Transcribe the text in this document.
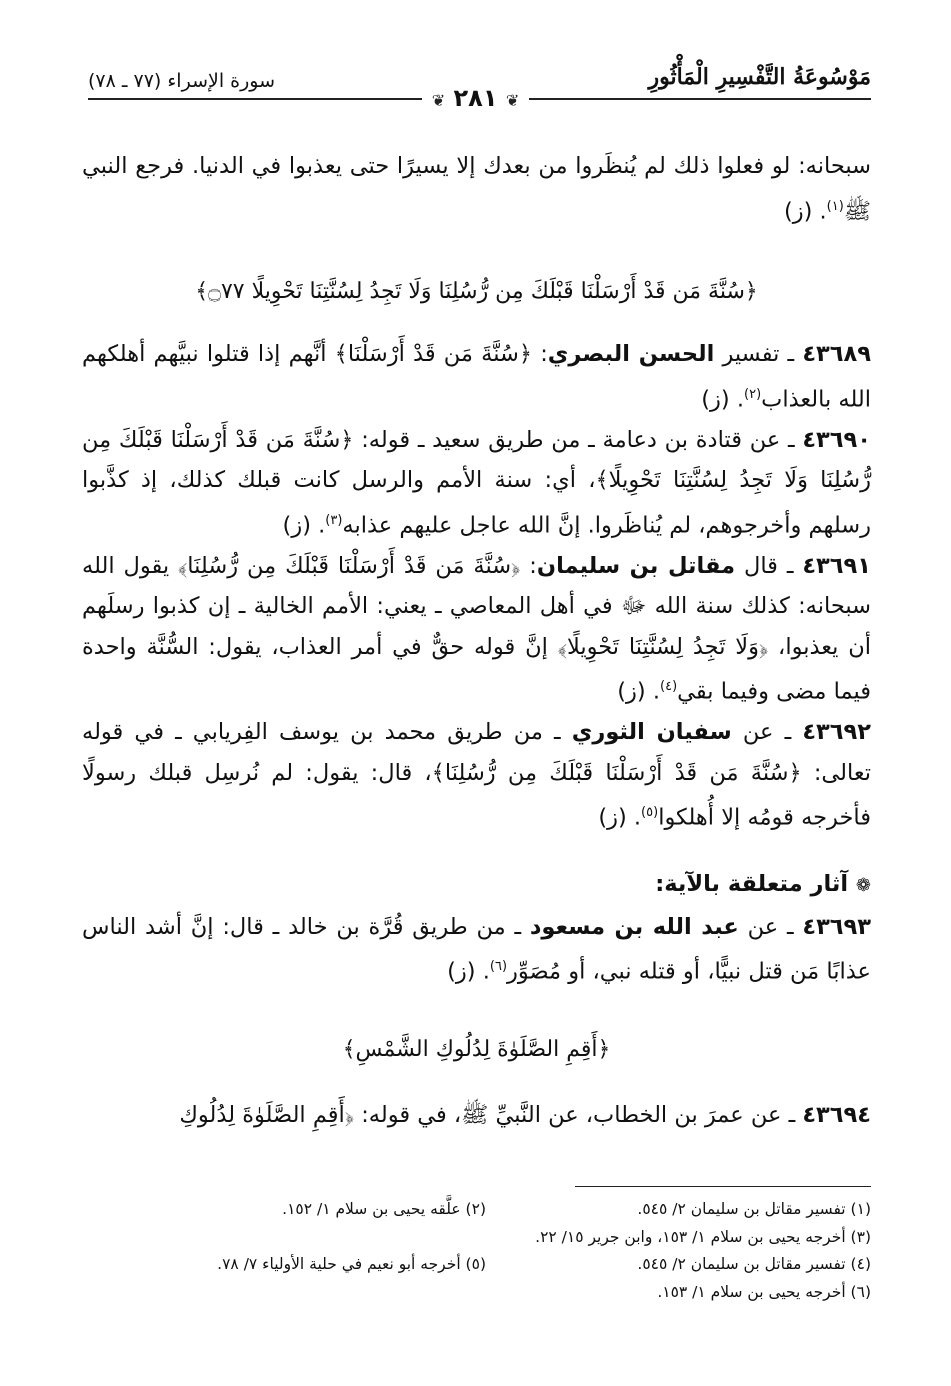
مَوْسُوعَةُ التَّفْسِيرِ الْمَأْثُورِ
سورة الإسراء (٧٧ ـ ٧٨)
❦ ٢٨١ ❦

سبحانه: لو فعلوا ذلك لم يُنظَروا من بعدك إلا يسيرًا حتى يعذبوا في الدنيا. فرجع النبي ﷺ$^{(١)}$. (ز)

﴿سُنَّةَ مَن قَدْ أَرْسَلْنَا قَبْلَكَ مِن رُّسُلِنَا وَلَا تَجِدُ لِسُنَّتِنَا تَحْوِيلًا ۝٧٧﴾

٤٣٦٨٩ ـ تفسير الحسن البصري: ﴿سُنَّةَ مَن قَدْ أَرْسَلْنَا﴾ أنَّهم إذا قتلوا نبيَّهم أهلكهم الله بالعذاب$^{(٢)}$. (ز)

٤٣٦٩٠ ـ عن قتادة بن دعامة ـ من طريق سعيد ـ قوله: ﴿سُنَّةَ مَن قَدْ أَرْسَلْنَا قَبْلَكَ مِن رُّسُلِنَا وَلَا تَجِدُ لِسُنَّتِنَا تَحْوِيلًا﴾، أي: سنة الأمم والرسل كانت قبلك كذلك، إذ كذَّبوا رسلهم وأخرجوهم، لم يُناظَروا. إنَّ الله عاجل عليهم عذابه$^{(٣)}$. (ز)

٤٣٦٩١ ـ قال مقاتل بن سليمان: ﴿سُنَّةَ مَن قَدْ أَرْسَلْنَا قَبْلَكَ مِن رُّسُلِنَا﴾ يقول الله سبحانه: كذلك سنة الله ﷻ في أهل المعاصي ـ يعني: الأمم الخالية ـ إن كذبوا رسلَهم أن يعذبوا، ﴿وَلَا تَجِدُ لِسُنَّتِنَا تَحْوِيلًا﴾ إنَّ قوله حقٌّ في أمر العذاب، يقول: السُّنَّة واحدة فيما مضى وفيما بقي$^{(٤)}$. (ز)

٤٣٦٩٢ ـ عن سفيان الثوري ـ من طريق محمد بن يوسف الفِريابي ـ في قوله تعالى: ﴿سُنَّةَ مَن قَدْ أَرْسَلْنَا قَبْلَكَ مِن رُّسُلِنَا﴾، قال: يقول: لم نُرسِل قبلك رسولًا فأخرجه قومُه إلا أُهلكوا$^{(٥)}$. (ز)

❁ آثار متعلقة بالآية:

٤٣٦٩٣ ـ عن عبد الله بن مسعود ـ من طريق قُرَّة بن خالد ـ قال: إنَّ أشد الناس عذابًا مَن قتل نبيًّا، أو قتله نبي، أو مُصَوِّر$^{(٦)}$. (ز)

﴿أَقِمِ الصَّلَوٰةَ لِدُلُوكِ الشَّمْسِ﴾

٤٣٦٩٤ ـ عن عمرَ بن الخطاب، عن النَّبيِّ ﷺ، في قوله: ﴿أَقِمِ الصَّلَوٰةَ لِدُلُوكِ

(١) تفسير مقاتل بن سليمان ٢/ ٥٤٥.
(٢) علَّقه يحيى بن سلام ١/ ١٥٢.
(٣) أخرجه يحيى بن سلام ١/ ١٥٣، وابن جرير ١٥/ ٢٢.
(٤) تفسير مقاتل بن سليمان ٢/ ٥٤٥.
(٥) أخرجه أبو نعيم في حلية الأولياء ٧/ ٧٨.
(٦) أخرجه يحيى بن سلام ١/ ١٥٣.
